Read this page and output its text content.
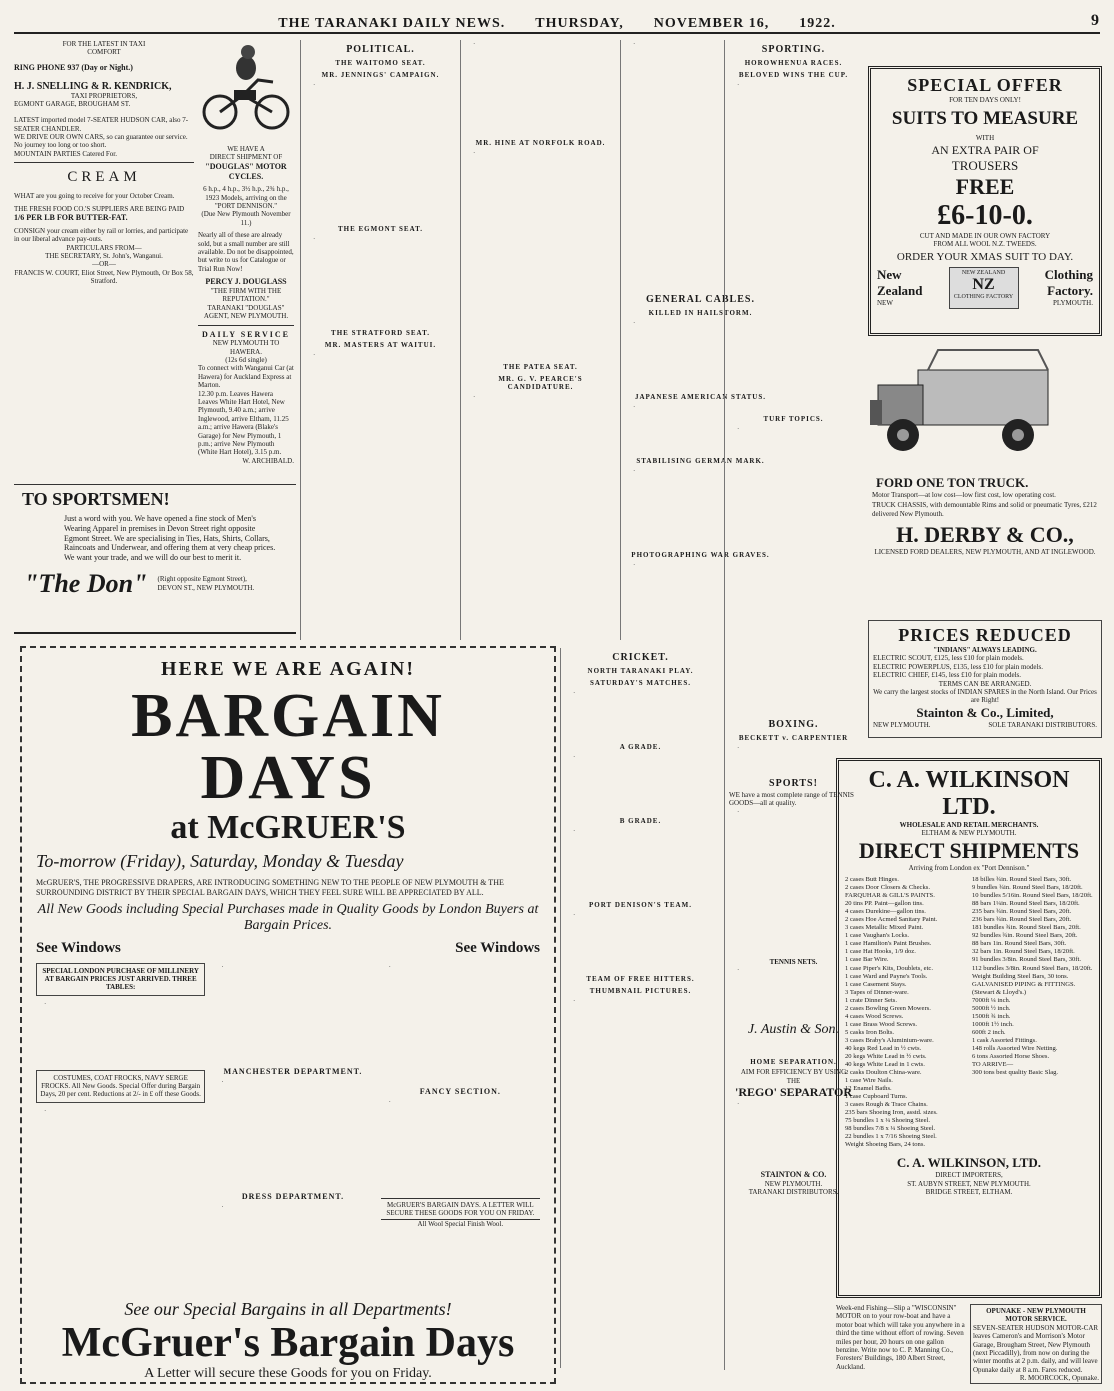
THE TARANAKI DAILY NEWS. THURSDAY, NOVEMBER 16, 1922.	9
FOR THE LATEST IN TAXI
COMFORT
RING PHONE 937 (Day or Night.)
H. J. SNELLING & R. KENDRICK,
TAXI PROPRIETORS,
EGMONT GARAGE, BROUGHAM ST.
LATEST imported model 7-SEATER HUDSON CAR, also 7-SEATER CHANDLER.
WE DRIVE OUR OWN CARS, so can guarantee our service. No journey too long or too short.
MOUNTAIN PARTIES Catered For.
CREAM
WHAT are you going to receive for your October Cream.
THE FRESH FOOD CO.'S SUPPLIERS ARE BEING PAID
1/6 PER LB FOR BUTTER-FAT.
CONSIGN your cream either by rail or lorries, and participate in our liberal advance pay-outs.
PARTICULARS FROM—
THE SECRETARY, St. John's, Wanganui.
—OR—
FRANCIS W. COURT, Eliot Street, New Plymouth, Or Box 58, Stratford.
WE HAVE A
DIRECT SHIPMENT OF
"DOUGLAS" MOTOR CYCLES.
6 h.p., 4 h.p., 3½ h.p., 2¾ h.p., 1923 Models, arriving on the "PORT DENNISON."
(Due New Plymouth November 11.)
Nearly all of these are already sold, but a small number are still available. Do not be disappointed, but write to us for Catalogue or Trial Run Now!
PERCY J. DOUGLASS
"THE FIRM WITH THE REPUTATION."
TARANAKI "DOUGLAS" AGENT, NEW PLYMOUTH.
DAILY SERVICE
NEW PLYMOUTH TO HAWERA.
(12s 6d single)
To connect with Wanganui Car (at Hawera) for Auckland Express at Marton.
12.30 p.m. Leaves Hawera Leaves White Hart Hotel, New Plymouth, 9.40 a.m.; arrive Inglewood, arrive Eltham, 11.25 a.m.; arrive Hawera (Blake's Garage) for New Plymouth, 1 p.m.; arrive New Plymouth (White Hart Hotel), 3.15 p.m.
W. ARCHIBALD.
TO SPORTSMEN!
Just a word with you. We have opened a fine stock of Men's Wearing Apparel in premises in Devon Street right opposite Egmont Street. We are specialising in Ties, Hats, Shirts, Collars, Raincoats and Underwear, and offering them at very cheap prices. We want your trade, and we will do our best to merit it.
"The Don" (Right opposite Egmont Street),
DEVON ST., NEW PLYMOUTH.
POLITICAL.
THE WAITOMO SEAT.
MR. JENNINGS' CAMPAIGN.

·

THE EGMONT SEAT.

·

THE STRATFORD SEAT.
MR. MASTERS AT WAITUI.

·

·

MR. HINE AT NORFOLK ROAD.

·

THE PATEA SEAT.
MR. G. V. PEARCE'S CANDIDATURE.

·

·

GENERAL CABLES.
KILLED IN HAILSTORM.

·

JAPANESE AMERICAN STATUS.

·

STABILISING GERMAN MARK.

·

PHOTOGRAPHING WAR GRAVES.

·

CRICKET.
NORTH TARANAKI PLAY.
SATURDAY'S MATCHES.

·

A GRADE.

·

B GRADE.

·

PORT DENISON'S TEAM.

·

TEAM OF FREE HITTERS.
THUMBNAIL PICTURES.

·

SPORTING.
HOROWHENUA RACES.
BELOVED WINS THE CUP.

·

TURF TOPICS.

·

BOXING.
BECKETT v. CARPENTIER

·

SPORTS!
WE have a most complete range of TENNIS GOODS—all at quality.

·

TENNIS NETS.

·

J. Austin & Son.
HOME SEPARATION.
AIM FOR EFFICIENCY BY USING
THE
'REGO' SEPARATOR

·

STAINTON & CO.
NEW PLYMOUTH.
TARANAKI DISTRIBUTORS.
SPECIAL OFFER
FOR TEN DAYS ONLY!
SUITS TO MEASURE
WITH
AN EXTRA PAIR OF
TROUSERS
FREE
£6-10-0.
CUT AND MADE IN OUR OWN FACTORY
FROM ALL WOOL N.Z. TWEEDS.
ORDER YOUR XMAS SUIT TO DAY.
New
Zealand
NEW
NEW ZEALAND
NZ
CLOTHING FACTORY
Clothing
Factory.
PLYMOUTH.
FORD ONE TON TRUCK.
Motor Transport—at low cost—low first cost, low operating cost.
TRUCK CHASSIS, with demountable Rims and solid or pneumatic Tyres, £212 delivered New Plymouth.
H. DERBY & CO.,
LICENSED FORD DEALERS, NEW PLYMOUTH, AND AT INGLEWOOD.
PRICES REDUCED
"INDIANS" ALWAYS LEADING.
ELECTRIC SCOUT, £125, less £10 for plain models.
ELECTRIC POWERPLUS, £135, less £10 for plain models.
ELECTRIC CHIEF, £145, less £10 for plain models.
TERMS CAN BE ARRANGED.
We carry the largest stocks of INDIAN SPARES in the North Island. Our Prices are Right!
Stainton & Co., Limited,
NEW PLYMOUTH.	SOLE TARANAKI DISTRIBUTORS.
C. A. WILKINSON LTD.
WHOLESALE AND RETAIL MERCHANTS.
ELTHAM & NEW PLYMOUTH.
DIRECT SHIPMENTS
Arriving from London ex "Port Dennison."
2 cases Butt Hinges.
2 cases Door Closers & Checks.
FARQUHAR & GILL'S PAINTS.
20 tins PP. Paint—gallon tins.
4 cases Durekine—gallon tins.
2 cases Hoe Acmed Sanitary Paint.
3 cases Metallic Mixed Paint.
1 case Vaughan's Locks.
1 case Hamilton's Paint Brushes.
1 case Hat Hooks, 1/9 doz.
1 case Bar Wire.
1 case Piper's Kits, Doublets, etc.
1 case Ward and Payne's Tools.
1 case Casement Stays.
3 Tapes of Dinner-ware.
1 crate Dinner Sets.
2 cases Bowling Green Mowers.
4 cases Wood Screws.
1 case Brass Wood Screws.
5 casks Iron Bolts.
3 cases Braby's Aluminium-ware.
40 kegs Red Lead in ½ cwts.
20 kegs White Lead in ½ cwts.
40 kegs White Lead in 1 cwts.
2 casks Doulton China-ware.
1 case Wire Nails.
12 Enamel Baths.
1 case Cupboard Turns.
3 cases Rough & Trace Chains.
235 bars Shoeing Iron, asstd. sizes.
75 bundles 1 x ¼ Shoeing Steel.
98 bundles 7/8 x ¼ Shoeing Steel.
22 bundles 1 x 7/16 Shoeing Steel.
Weight Shoeing Bars, 24 tons.
18 billes ¾in. Round Steel Bars, 30ft.
9 bundles ¾in. Round Steel Bars, 18/20ft.
10 bundles 5/16in. Round Steel Bars, 18/20ft.
88 bars 1¼in. Round Steel Bars, 18/20ft.
235 bars ¾in. Round Steel Bars, 20ft.
236 bars ¾in. Round Steel Bars, 20ft.
181 bundles ¾in. Round Steel Bars, 20ft.
92 bundles ¾in. Round Steel Bars, 20ft.
88 bars 1in. Round Steel Bars, 30ft.
32 bars 1in. Round Steel Bars, 18/20ft.
91 bundles 3/8in. Round Steel Bars, 30ft.
112 bundles 3/8in. Round Steel Bars, 18/20ft.
Weight Building Steel Bars, 30 tons.
GALVANISED PIPING & FITTINGS.
(Stewart & Lloyd's.)
7000ft ¼ inch.
5000ft ½ inch.
1500ft ¾ inch.
1000ft 1½ inch.
600ft 2 inch.
1 cask Assorted Fittings.
148 rolls Assorted Wire Netting.
6 tons Assorted Horse Shoes.
TO ARRIVE—
300 tons best quality Basic Slag.
C. A. WILKINSON, LTD.
DIRECT IMPORTERS,
ST. AUBYN STREET, NEW PLYMOUTH.
BRIDGE STREET, ELTHAM.
Week-end Fishing—Slip a "WISCONSIN" MOTOR on to your row-boat and have a motor boat which will take you anywhere in a third the time without effort of rowing. Seven miles per hour, 20 hours on one gallon benzine. Write now to C. P. Manning Co., Foresters' Buildings, 180 Albert Street, Auckland.
OPUNAKE - NEW PLYMOUTH MOTOR SERVICE.
SEVEN-SEATER HUDSON MOTOR-CAR leaves Cameron's and Morrison's Motor Garage, Brougham Street, New Plymouth (next Piccadilly), from now on during the winter months at 2 p.m. daily, and will leave Opunake daily at 8 a.m. Fares reduced.
R. MOORCOCK, Opunake.
HERE WE ARE AGAIN!
BARGAIN DAYS
at McGRUER'S
To-morrow (Friday), Saturday, Monday & Tuesday
McGRUER'S, THE PROGRESSIVE DRAPERS, ARE INTRODUCING SOMETHING NEW TO THE PEOPLE OF NEW PLYMOUTH & THE SURROUNDING DISTRICT BY THEIR SPECIAL BARGAIN DAYS, WHICH THEY FEEL SURE WILL BE APPRECIATED BY ALL.
All New Goods including Special Purchases made in Quality Goods by London Buyers at Bargain Prices.
See Windows	See Windows
SPECIAL LONDON PURCHASE OF MILLINERY AT BARGAIN PRICES JUST ARRIVED. THREE TABLES:

·

COSTUMES, COAT FROCKS, NAVY SERGE FROCKS. All New Goods. Special Offer during Bargain Days, 20 per cent. Reductions at 2/- in £ off these Goods.

·

·

MANCHESTER DEPARTMENT.

·

DRESS DEPARTMENT.

·

·

FANCY SECTION.

·

McGRUER'S BARGAIN DAYS. A LETTER WILL SECURE THESE GOODS FOR YOU ON FRIDAY.
All Wool Special Finish Wool.
See our Special Bargains in all Departments!
McGruer's Bargain Days
A Letter will secure these Goods for you on Friday.
